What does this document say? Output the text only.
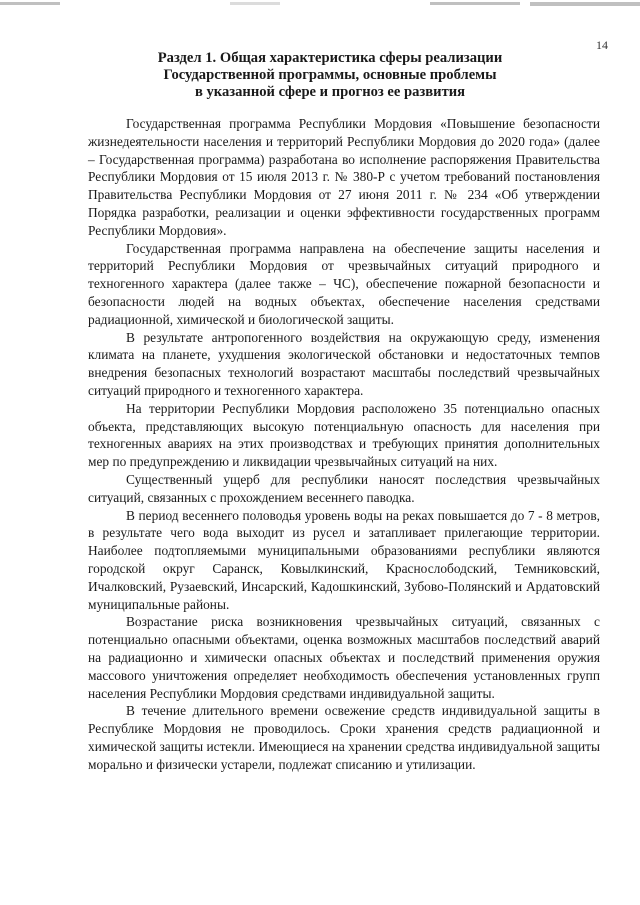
14
Раздел 1. Общая характеристика сферы реализации
Государственной программы, основные проблемы
в указанной сфере и прогноз ее развития

Государственная программа Республики Мордовия «Повышение безопасности жизнедеятельности населения и территорий Республики Мордовия до 2020 года» (далее – Государственная программа) разработана во исполнение распоряжения Правительства Республики Мордовия от 15 июля 2013 г. № 380-Р с учетом требований постановления Правительства Республики Мордовия от 27 июня 2011 г. № 234 «Об утверждении Порядка разработки, реализации и оценки эффективности государственных программ Республики Мордовия».

Государственная программа направлена на обеспечение защиты населения и территорий Республики Мордовия от чрезвычайных ситуаций природного и техногенного характера (далее также – ЧС), обеспечение пожарной безопасности и безопасности людей на водных объектах, обеспечение населения средствами радиационной, химической и биологической защиты.

В результате антропогенного воздействия на окружающую среду, изменения климата на планете, ухудшения экологической обстановки и недостаточных темпов внедрения безопасных технологий возрастают масштабы последствий чрезвычайных ситуаций природного и техногенного характера.

На территории Республики Мордовия расположено 35 потенциально опасных объекта, представляющих высокую потенциальную опасность для населения при техногенных авариях на этих производствах и требующих принятия дополнительных мер по предупреждению и ликвидации чрезвычайных ситуаций на них.

Существенный ущерб для республики наносят последствия чрезвычайных ситуаций, связанных с прохождением весеннего паводка.

В период весеннего половодья уровень воды на реках повышается до 7 - 8 метров, в результате чего вода выходит из русел и затапливает прилегающие территории. Наиболее подтопляемыми муниципальными образованиями республики являются городской округ Саранск, Ковылкинский, Краснослободский, Темниковский, Ичалковский, Рузаевский, Инсарский, Кадошкинский, Зубово-Полянский и Ардатовский муниципальные районы.

Возрастание риска возникновения чрезвычайных ситуаций, связанных с потенциально опасными объектами, оценка возможных масштабов последствий аварий на радиационно и химически опасных объектах и последствий применения оружия массового уничтожения определяет необходимость обеспечения установленных групп населения Республики Мордовия средствами индивидуальной защиты.

В течение длительного времени освежение средств индивидуальной защиты в Республике Мордовия не проводилось. Сроки хранения средств радиационной и химической защиты истекли. Имеющиеся на хранении средства индивидуальной защиты морально и физически устарели, подлежат списанию и утилизации.
